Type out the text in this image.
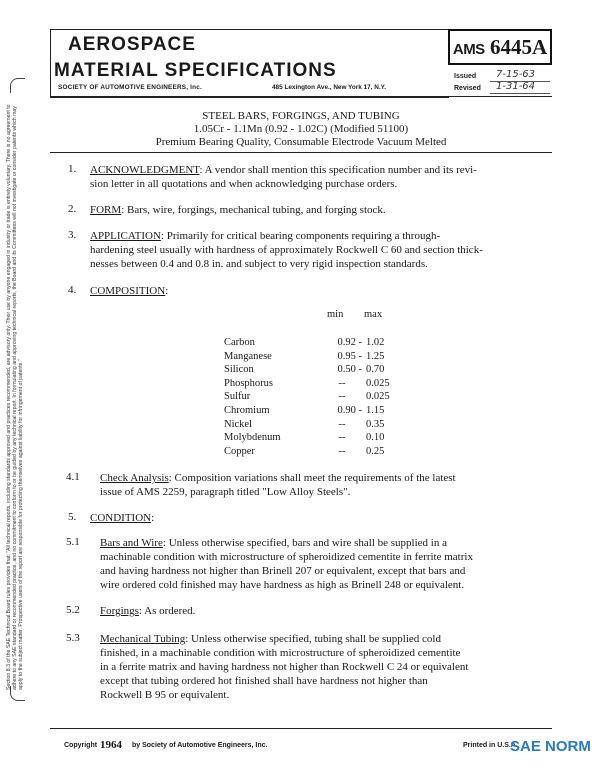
Section 8.3 of the SAE Technical Board rules provides that: "All technical reports, including standards approved and practices recommended, are advisory only. Their use by anyone engaged in industry or trade is entirely voluntary. There is no agreement to adhere to any SAE standard or recommended practice, and no commitment to conform to or be guided by any technical report. In formulating and approving technical reports, the Board and its Committees will not investigate or consider patents which may apply to the subject matter. Prospective users of the report are responsible for protecting themselves against liability for infringement of patents."
AEROSPACE
MATERIAL SPECIFICATIONS
SOCIETY OF AUTOMOTIVE ENGINEERS, Inc.	485 Lexington Ave., New York 17, N.Y.
AMS 6445A
Issued 7-15-63
Revised 1-31-64
STEEL BARS, FORGINGS, AND TUBING
1.05Cr - 1.1Mn (0.92 - 1.02C) (Modified 51100)
Premium Bearing Quality, Consumable Electrode Vacuum Melted
1. ACKNOWLEDGMENT: A vendor shall mention this specification number and its revi-
sion letter in all quotations and when acknowledging purchase orders.
2. FORM: Bars, wire, forgings, mechanical tubing, and forging stock.
3. APPLICATION: Primarily for critical bearing components requiring a through-
hardening steel usually with hardness of approximately Rockwell C 60 and section thick-
nesses between 0.4 and 0.8 in. and subject to very rigid inspection standards.
4. COMPOSITION:
min max
Carbon	0.92 - 1.02
Manganese	0.95 - 1.25
Silicon	0.50 - 0.70
Phosphorus	--	0.025
Sulfur	--	0.025
Chromium	0.90 - 1.15
Nickel	--	0.35
Molybdenum	--	0.10
Copper	--	0.25
4.1 Check Analysis: Composition variations shall meet the requirements of the latest
issue of AMS 2259, paragraph titled "Low Alloy Steels".
5. CONDITION:
5.1 Bars and Wire: Unless otherwise specified, bars and wire shall be supplied in a
machinable condition with microstructure of spheroidized cementite in ferrite matrix
and having hardness not higher than Brinell 207 or equivalent, except that bars and
wire ordered cold finished may have hardness as high as Brinell 248 or equivalent.
5.2 Forgings: As ordered.
5.3 Mechanical Tubing: Unless otherwise specified, tubing shall be supplied cold
finished, in a machinable condition with microstructure of spheroidized cementite
in a ferrite matrix and having hardness not higher than Rockwell C 24 or equivalent
except that tubing ordered hot finished shall have hardness not higher than
Rockwell B 95 or equivalent.
Copyright 1964 by Society of Automotive Engineers, Inc.	Printed in U.S.A.
SAE NORM
